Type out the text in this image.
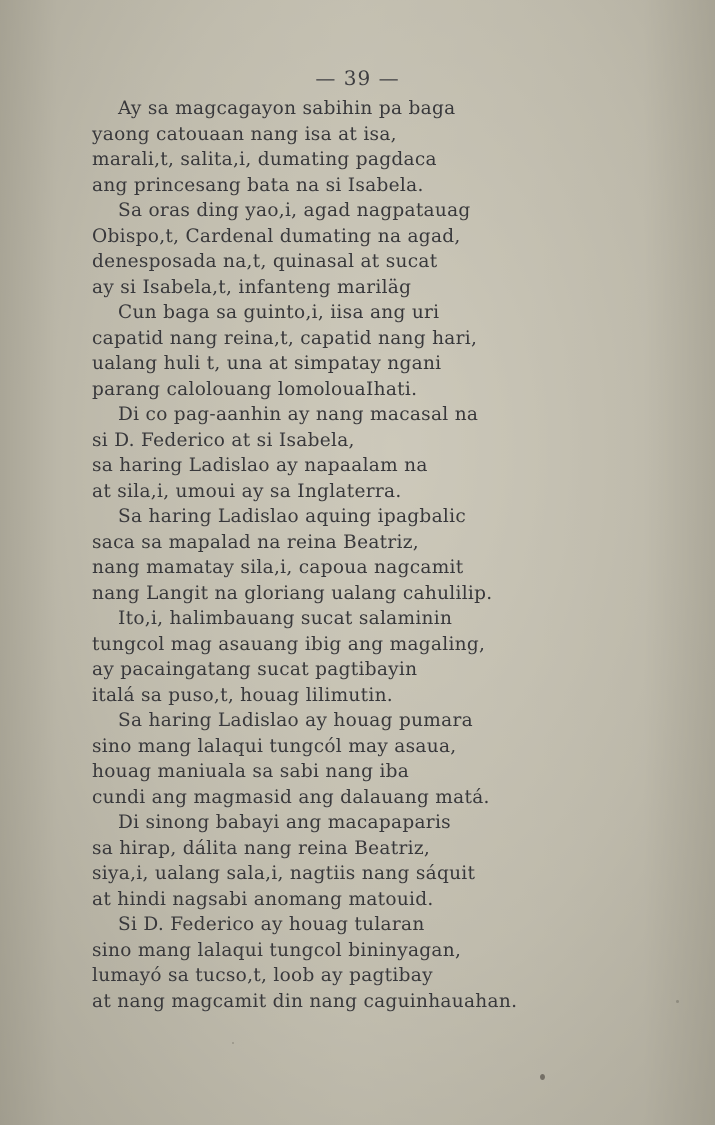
— 39 —
Ay sa magcagayon sabihin pa baga
yaong catouaan nang isa at isa,
marali,t, salita,i, dumating pagdaca
ang princesang bata na si Isabela.
Sa oras ding yao,i, agad nagpatauag
Obispo,t, Cardenal dumating na agad,
denesposada na,t, quinasal at sucat
ay si Isabela,t, infanteng mariläg
Cun baga sa guinto,i, iisa ang uri
capatid nang reina,t, capatid nang hari,
ualang huli t, una at simpatay ngani
parang calolouang lomolouaIhati.
Di co pag-aanhin ay nang macasal na
si D. Federico at si Isabela,
sa haring Ladislao ay napaalam na
at sila,i, umoui ay sa Inglaterra.
Sa haring Ladislao aquing ipagbalic
saca sa mapalad na reina Beatriz,
nang mamatay sila,i, capoua nagcamit
nang Langit na gloriang ualang cahulilip.
Ito,i, halimbauang sucat salaminin
tungcol mag asauang ibig ang magaling,
ay pacaingatang sucat pagtibayin
italá sa puso,t, houag lilimutin.
Sa haring Ladislao ay houag pumara
sino mang lalaqui tungcól may asaua,
houag maniuala sa sabi nang iba
cundi ang magmasid ang dalauang matá.
Di sinong babayi ang macapaparis
sa hirap, dálita nang reina Beatriz,
siya,i, ualang sala,i, nagtiis nang sáquit
at hindi nagsabi anomang matouid.
Si D. Federico ay houag tularan
sino mang lalaqui tungcol bininyagan,
lumayó sa tucso,t, loob ay pagtibay
at nang magcamit din nang caguinhauahan.
